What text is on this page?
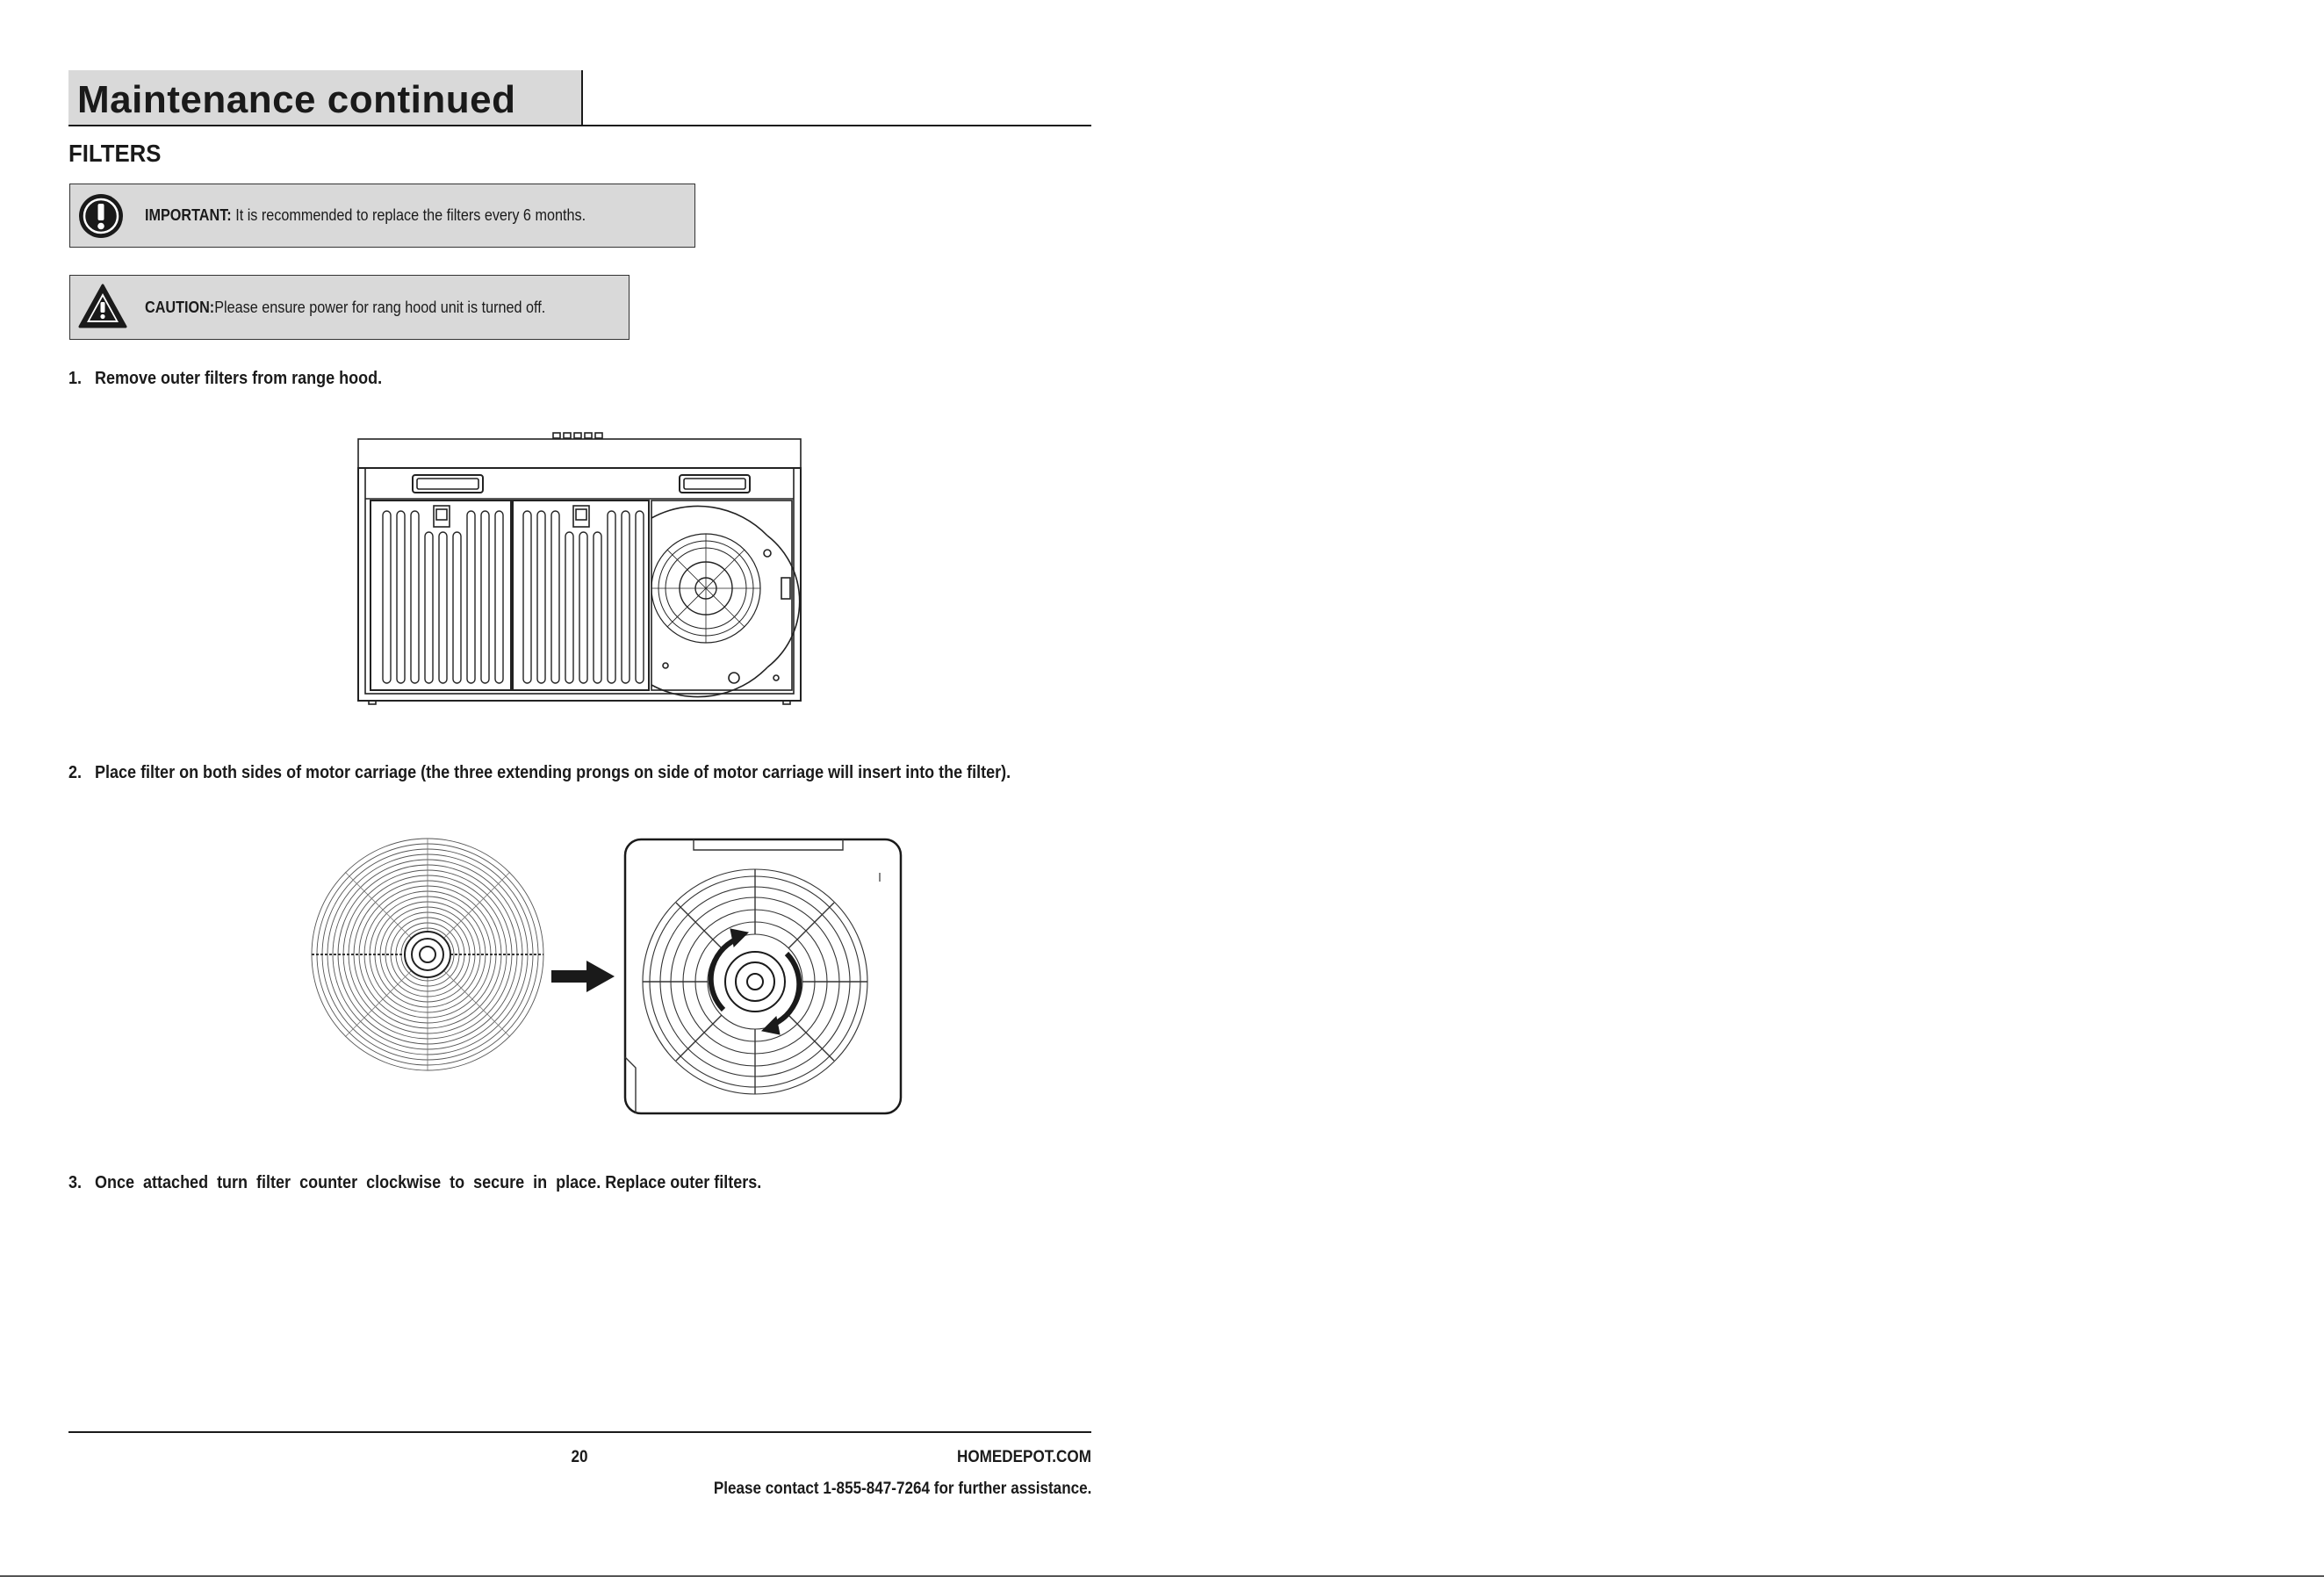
Maintenance continued
FILTERS
IMPORTANT: It is recommended to replace the filters every 6 months.
CAUTION:Please ensure power for rang hood unit is turned off.
1. Remove outer filters from range hood.
2. Place filter on both sides of motor carriage (the three extending prongs on side of motor carriage will insert into the filter).
3. Once  attached  turn  filter  counter  clockwise  to  secure  in  place. Replace outer filters.
20	HOMEDEPOT.COM
Please contact 1-855-847-7264 for further assistance.
